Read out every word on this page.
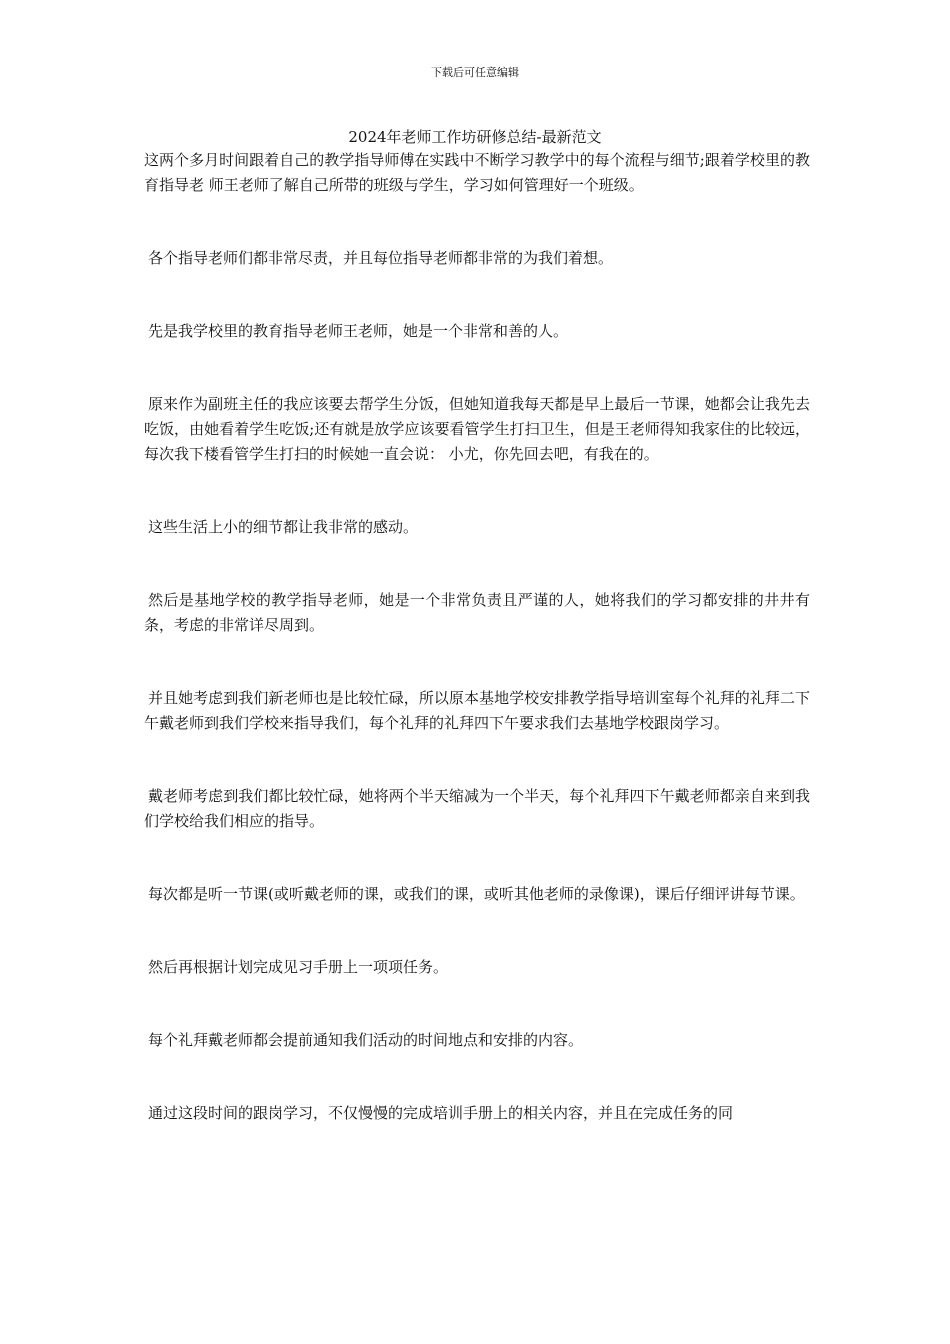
下载后可任意编辑
2024年老师工作坊研修总结-最新范文

这两个多月时间跟着自己的教学指导师傅在实践中不断学习教学中的每个流程与细节;跟着学校里的教育指导老 师王老师了解自己所带的班级与学生，学习如何管理好一个班级。

各个指导老师们都非常尽责，并且每位指导老师都非常的为我们着想。

先是我学校里的教育指导老师王老师，她是一个非常和善的人。

原来作为副班主任的我应该要去帮学生分饭，但她知道我每天都是早上最后一节课，她都会让我先去吃饭，由她看着学生吃饭;还有就是放学应该要看管学生打扫卫生，但是王老师得知我家住的比较远，每次我下楼看管学生打扫的时候她一直会说： 小尤，你先回去吧，有我在的。

这些生活上小的细节都让我非常的感动。

然后是基地学校的教学指导老师，她是一个非常负责且严谨的人，她将我们的学习都安排的井井有条，考虑的非常详尽周到。

并且她考虑到我们新老师也是比较忙碌，所以原本基地学校安排教学指导培训室每个礼拜的礼拜二下午戴老师到我们学校来指导我们，每个礼拜的礼拜四下午要求我们去基地学校跟岗学习。

戴老师考虑到我们都比较忙碌，她将两个半天缩减为一个半天，每个礼拜四下午戴老师都亲自来到我们学校给我们相应的指导。

每次都是听一节课(或听戴老师的课，或我们的课，或听其他老师的录像课)，课后仔细评讲每节课。

然后再根据计划完成见习手册上一项项任务。

每个礼拜戴老师都会提前通知我们活动的时间地点和安排的内容。

通过这段时间的跟岗学习，不仅慢慢的完成培训手册上的相关内容，并且在完成任务的同
